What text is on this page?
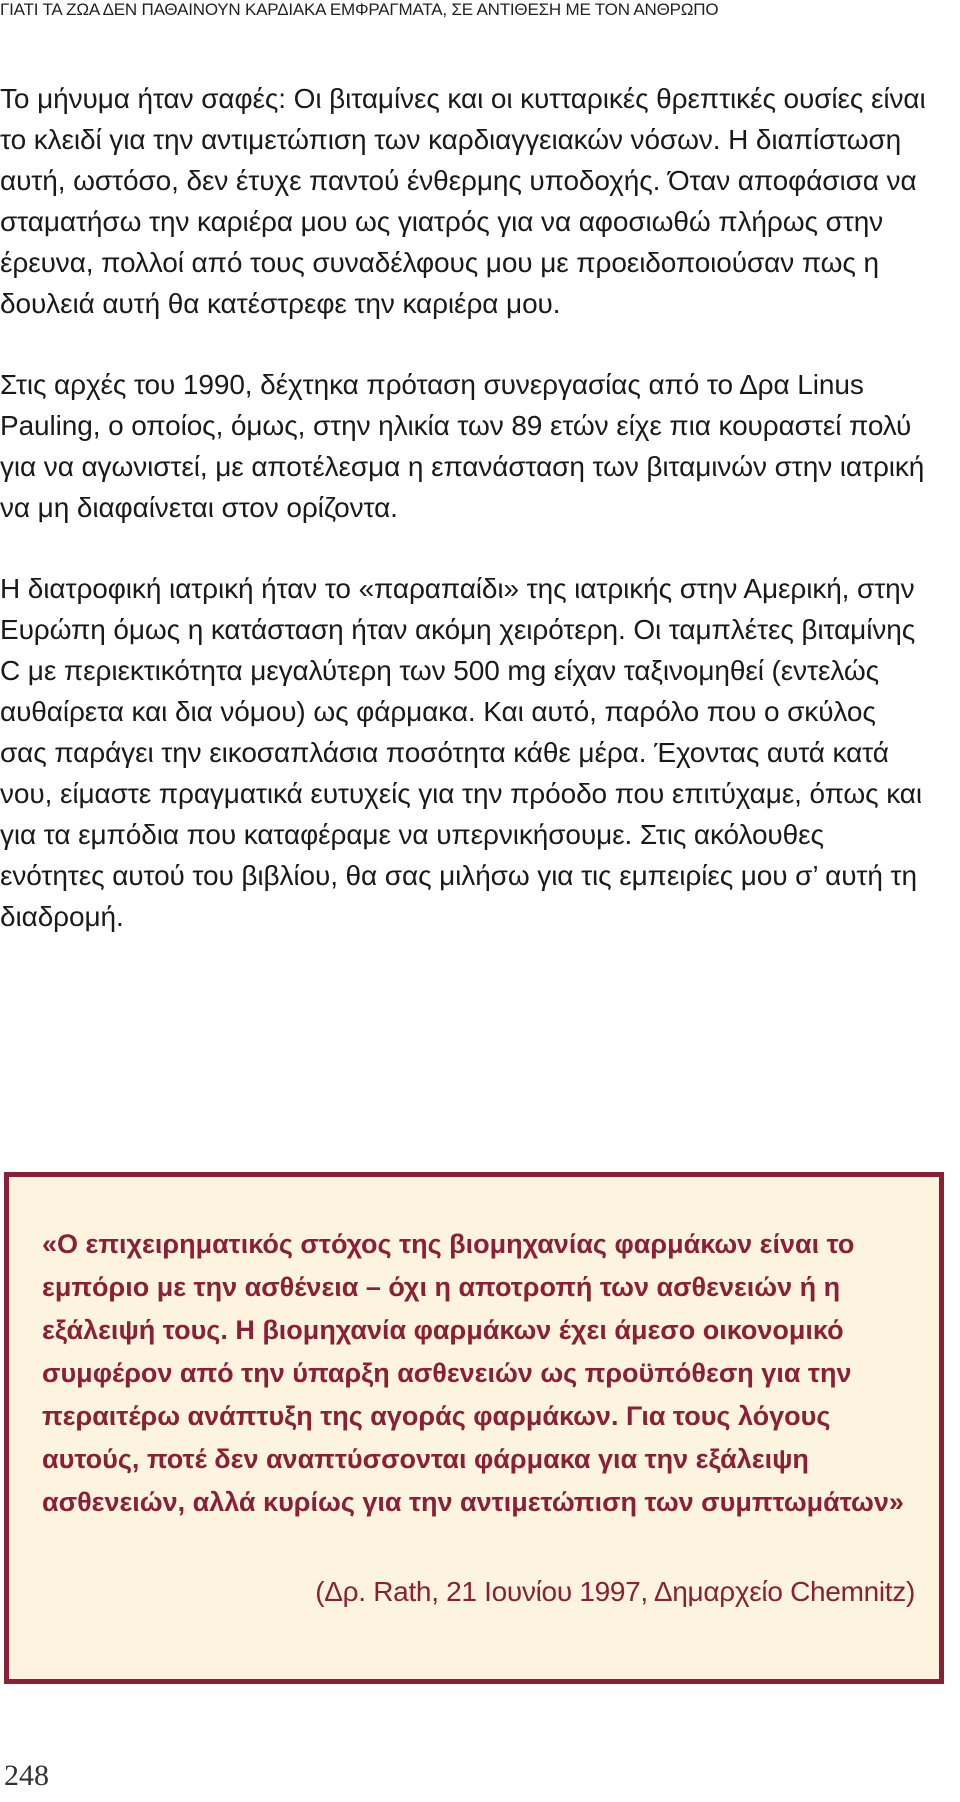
ΓΙΑΤΙ ΤΑ ΖΩΑ ΔΕΝ ΠΑΘΑΙΝΟΥΝ ΚΑΡΔΙΑΚΑ ΕΜΦΡΑΓΜΑΤΑ, ΣΕ ΑΝΤΙΘΕΣΗ ΜΕ ΤΟΝ ΑΝΘΡΩΠΟ

Το μήνυμα ήταν σαφές: Οι βιταμίνες και οι κυτταρικές θρεπτικές ουσίες είναι το κλειδί για την αντιμετώπιση των καρδιαγγειακών νόσων. Η διαπίστωση αυτή, ωστόσο, δεν έτυχε παντού ένθερμης υποδοχής. Όταν αποφάσισα να σταματήσω την καριέρα μου ως γιατρός για να αφοσιωθώ πλήρως στην έρευνα, πολλοί από τους συναδέλφους μου με προειδοποιούσαν πως η δουλειά αυτή θα κατέστρεφε την καριέρα μου.

Στις αρχές του 1990, δέχτηκα πρόταση συνεργασίας από το Δρα Linus Pauling, ο οποίος, όμως, στην ηλικία των 89 ετών είχε πια κουραστεί πολύ για να αγωνιστεί, με αποτέλεσμα η επανάσταση των βιταμινών στην ιατρική να μη διαφαίνεται στον ορίζοντα.

Η διατροφική ιατρική ήταν το «παραπαίδι» της ιατρικής στην Αμερική, στην Ευρώπη όμως η κατάσταση ήταν ακόμη χειρότερη. Οι ταμπλέτες βιταμίνης C με περιεκτικότητα μεγαλύτερη των 500 mg είχαν ταξινομηθεί (εντελώς αυθαίρετα και δια νόμου) ως φάρμακα. Και αυτό, παρόλο που ο σκύλος σας παράγει την εικοσαπλάσια ποσότητα κάθε μέρα. Έχοντας αυτά κατά νου, είμαστε πραγματικά ευτυχείς για την πρόοδο που επιτύχαμε, όπως και για τα εμπόδια που καταφέραμε να υπερνικήσουμε. Στις ακόλουθες ενότητες αυτού του βιβλίου, θα σας μιλήσω για τις εμπειρίες μου σ’ αυτή τη διαδρομή.

«Ο επιχειρηματικός στόχος της βιομηχανίας φαρμάκων είναι το εμπόριο με την ασθένεια – όχι η αποτροπή των ασθενειών ή η εξάλειψή τους. Η βιομηχανία φαρμάκων έχει άμεσο οικονομικό συμφέρον από την ύπαρξη ασθενειών ως προϋπόθεση για την περαιτέρω ανάπτυξη της αγοράς φαρμάκων. Για τους λόγους αυτούς, ποτέ δεν αναπτύσσονται φάρμακα για την εξάλειψη ασθενειών, αλλά κυρίως για την αντιμετώπιση των συμπτωμάτων»

(Δρ. Rath, 21 Ιουνίου 1997, Δημαρχείο Chemnitz)

248
